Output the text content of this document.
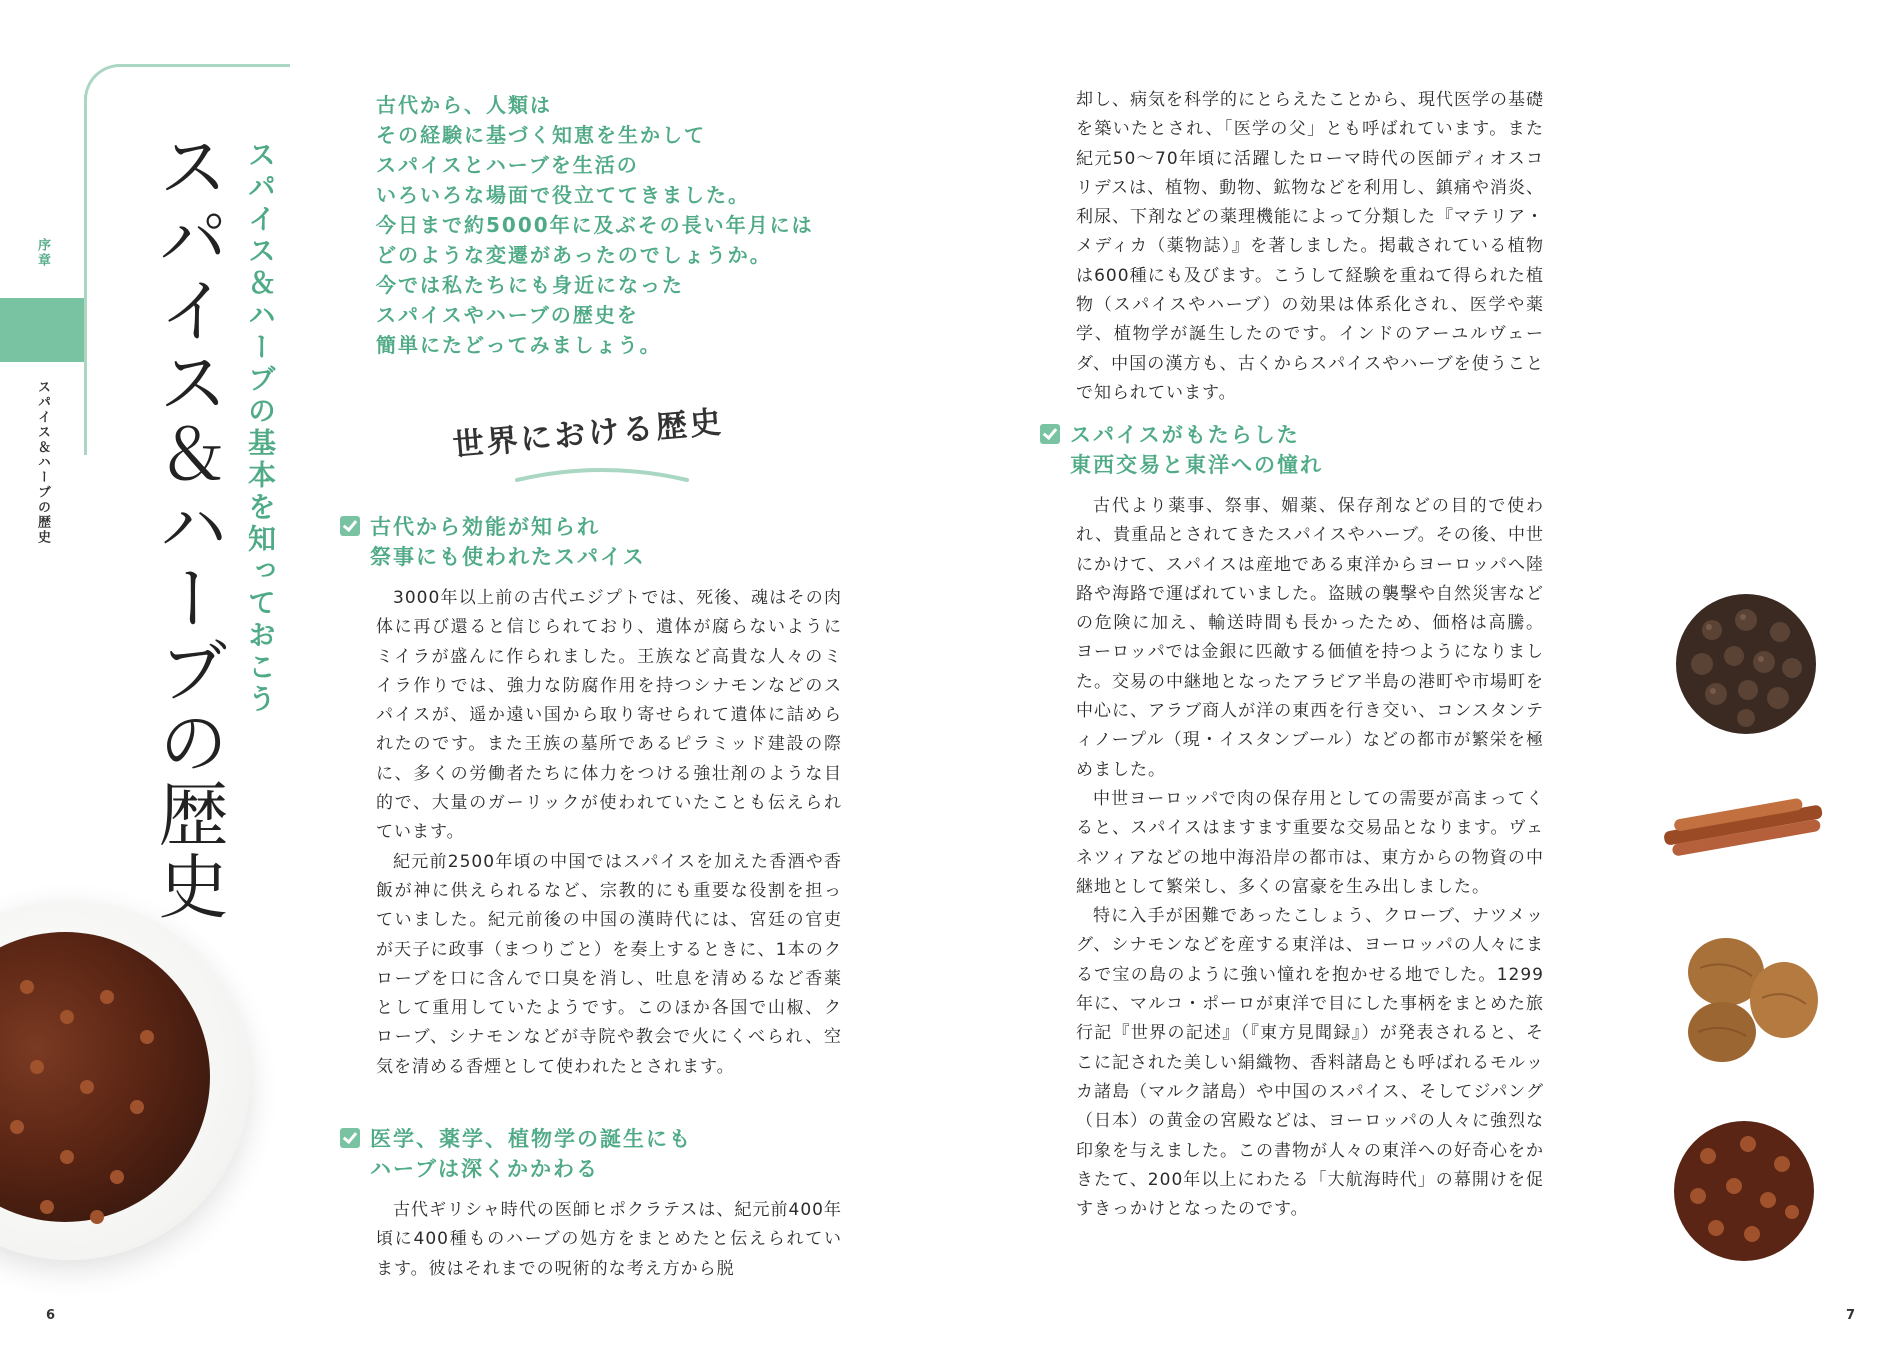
序章
スパイス＆ハーブの歴史 スパイス＆ハーブの歴史 スパイス＆ハーブの基本を知っておこう
古代から、人類は
その経験に基づく知恵を生かして
スパイスとハーブを生活の
いろいろな場面で役立ててきました。
今日まで約5000年に及ぶその長い年月には
どのような変遷があったのでしょうか。
今では私たちにも身近になった
スパイスやハーブの歴史を
簡単にたどってみましょう。
世界における歴史
古代から効能が知られ
祭事にも使われたスパイス

3000年以上前の古代エジプトでは、死後、魂はその肉体に再び還ると信じられており、遺体が腐らないようにミイラが盛んに作られました。王族など高貴な人々のミイラ作りでは、強力な防腐作用を持つシナモンなどのスパイスが、遥か遠い国から取り寄せられて遺体に詰められたのです。また王族の墓所であるピラミッド建設の際に、多くの労働者たちに体力をつける強壮剤のような目的で、大量のガーリックが使われていたことも伝えられています。

紀元前2500年頃の中国ではスパイスを加えた香酒や香飯が神に供えられるなど、宗教的にも重要な役割を担っていました。紀元前後の中国の漢時代には、宮廷の官吏が天子に政事（まつりごと）を奏上するときに、1本のクローブを口に含んで口臭を消し、吐息を清めるなど香薬として重用していたようです。このほか各国で山椒、クローブ、シナモンなどが寺院や教会で火にくべられ、空気を清める香煙として使われたとされます。

医学、薬学、植物学の誕生にも
ハーブは深くかかわる

古代ギリシャ時代の医師ヒポクラテスは、紀元前400年頃に400種ものハーブの処方をまとめたと伝えられています。彼はそれまでの呪術的な考え方から脱

却し、病気を科学的にとらえたことから、現代医学の基礎を築いたとされ、「医学の父」とも呼ばれています。また紀元50〜70年頃に活躍したローマ時代の医師ディオスコリデスは、植物、動物、鉱物などを利用し、鎮痛や消炎、利尿、下剤などの薬理機能によって分類した『マテリア・メディカ（薬物誌）』を著しました。掲載されている植物は600種にも及びます。こうして経験を重ねて得られた植物（スパイスやハーブ）の効果は体系化され、医学や薬学、植物学が誕生したのです。インドのアーユルヴェーダ、中国の漢方も、古くからスパイスやハーブを使うことで知られています。

スパイスがもたらした
東西交易と東洋への憧れ

古代より薬事、祭事、媚薬、保存剤などの目的で使われ、貴重品とされてきたスパイスやハーブ。その後、中世にかけて、スパイスは産地である東洋からヨーロッパへ陸路や海路で運ばれていました。盗賊の襲撃や自然災害などの危険に加え、輸送時間も長かったため、価格は高騰。ヨーロッパでは金銀に匹敵する価値を持つようになりました。交易の中継地となったアラビア半島の港町や市場町を中心に、アラブ商人が洋の東西を行き交い、コンスタンティノープル（現・イスタンブール）などの都市が繁栄を極めました。

中世ヨーロッパで肉の保存用としての需要が高まってくると、スパイスはますます重要な交易品となります。ヴェネツィアなどの地中海沿岸の都市は、東方からの物資の中継地として繁栄し、多くの富豪を生み出しました。

特に入手が困難であったこしょう、クローブ、ナツメッグ、シナモンなどを産する東洋は、ヨーロッパの人々にまるで宝の島のように強い憧れを抱かせる地でした。1299年に、マルコ・ポーロが東洋で目にした事柄をまとめた旅行記『世界の記述』（『東方見聞録』）が発表されると、そこに記された美しい絹織物、香料諸島とも呼ばれるモルッカ諸島（マルク諸島）や中国のスパイス、そしてジパング（日本）の黄金の宮殿などは、ヨーロッパの人々に強烈な印象を与えました。この書物が人々の東洋への好奇心をかきたて、200年以上にわたる「大航海時代」の幕開けを促すきっかけとなったのです。

6	7
